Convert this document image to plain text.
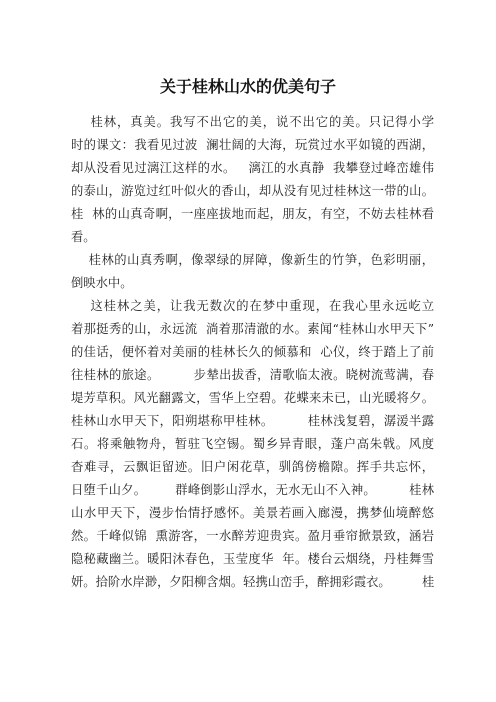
关于桂林山水的优美句子
桂林，真美。我写不出它的美，说不出它的美。只记得小学
时的课文：我看见过波  澜壮阔的大海，玩赏过水平如镜的西湖，
却从没看见过漓江这样的水。   漓江的水真静  我攀登过峰峦雄伟
的泰山，游览过红叶似火的香山，却从没有见过桂林这一带的山。
桂  林的山真奇啊，一座座拔地而起，朋友，有空，不妨去桂林看
看。
桂林的山真秀啊，像翠绿的屏障，像新生的竹笋，色彩明丽，
倒映水中。
这桂林之美，让我无数次的在梦中重现，在我心里永远屹立
着那挺秀的山，永远流  淌着那清澈的水。素闻“桂林山水甲天下”
的佳话，便怀着对美丽的桂林长久的倾慕和  心仪，终于踏上了前
往桂林的旅途。        步辇出拔香，清歌临太液。晓树流莺满，春
堤芳草积。风光翻露文，雪华上空碧。花蝶来未已，山光暖将夕。
桂林山水甲天下，阳朔堪称甲桂林。        桂林浅复碧，潺湲半露
石。将乘触物舟，暂驻飞空锡。蜀乡异青眼，蓬户高朱戟。风度
杳难寻，云飘讵留迹。旧户闲花草，驯鸽傍檐隙。挥手共忘怀，
日堕千山夕。       群峰倒影山浮水，无水无山不入神。        桂林
山水甲天下，漫步怡情抒感怀。美景若画入廊漫，携梦仙境醉悠
然。千峰似锦  熏游客，一水醉芳迎贵宾。盈月垂帘掀景致，涵岩
隐秘藏幽兰。暖阳沐春色，玉莹度华  年。楼台云烟绕，丹桂舞雪
妍。拾阶水岸渺，夕阳柳含烟。轻携山峦手，醉拥彩霞衣。        桂
